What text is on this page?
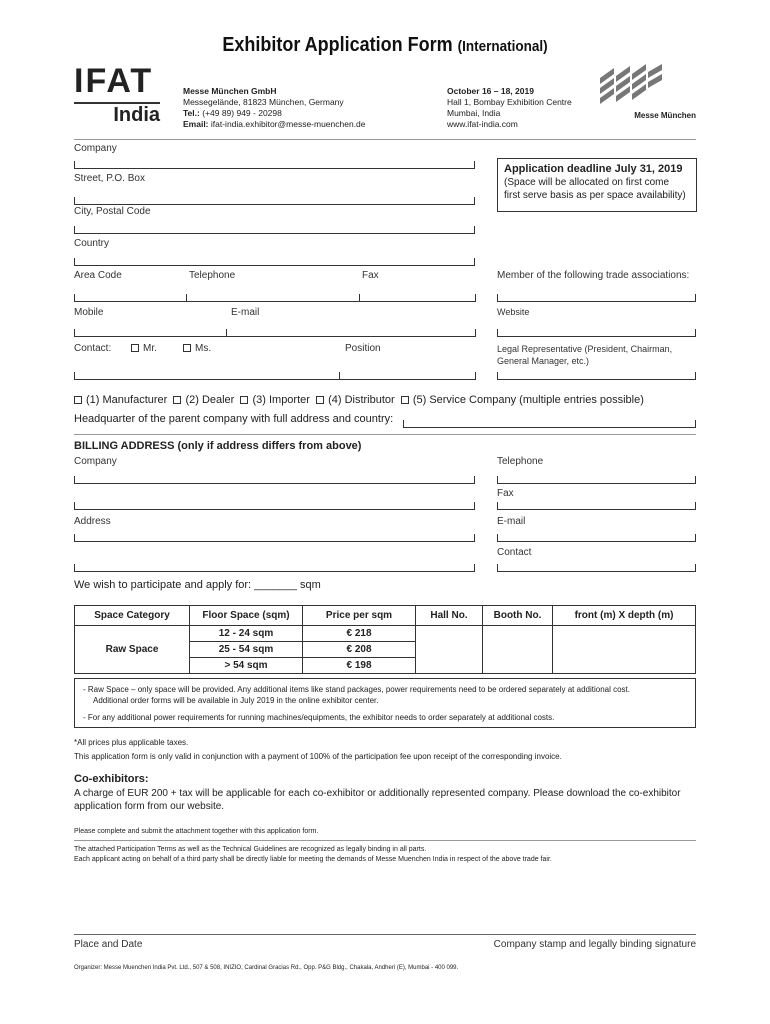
Exhibitor Application Form (International)
IFAT
India
Messe München GmbH
Messegelände, 81823 München, Germany
Tel.: (+49 89) 949 - 20298
Email: ifat-india.exhibitor@messe-muenchen.de
October 16 – 18, 2019
Hall 1, Bombay Exhibition Centre
Mumbai, India
www.ifat-india.com
Messe München
Company
Street, P.O. Box
City, Postal Code
Country
Application deadline July 31, 2019
(Space will be allocated on first come
first serve basis as per space availability)
Area Code	Telephone	Fax	Member of the following trade associations:
Mobile	E-mail	Website
Contact:	Mr.	Ms.	Position	Legal Representative (President, Chairman,
General Manager, etc.)
(1) Manufacturer (2) Dealer (3) Importer (4) Distributor (5) Service Company (multiple entries possible)
Headquarter of the parent company with full address and country:
BILLING ADDRESS (only if address differs from above)
Company	Telephone
Fax
Address	E-mail
Contact
We wish to participate and apply for: _______ sqm
Space Category	Floor Space (sqm)	Price per sqm	Hall No.	Booth No.	front (m) X depth (m)
Raw Space	12 - 24 sqm	€ 218			
	25 - 54 sqm	€ 208			
	> 54 sqm	€ 198			
- Raw Space – only space will be provided. Any additional items like stand packages, power requirements need to be ordered separately at additional cost.
Additional order forms will be available in July 2019 in the online exhibitor center.
- For any additional power requirements for running machines/equipments, the exhibitor needs to order separately at additional costs.
*All prices plus applicable taxes.
This application form is only valid in conjunction with a payment of 100% of the participation fee upon receipt of the corresponding invoice.
Co-exhibitors:
A charge of EUR 200 + tax will be applicable for each co-exhibitor or additionally represented company. Please download the co-exhibitor
application form from our website.
Please complete and submit the attachment together with this application form.
The attached Participation Terms as well as the Technical Guidelines are recognized as legally binding in all parts.
Each applicant acting on behalf of a third party shall be directly liable for meeting the demands of Messe Muenchen India in respect of the above trade fair.
Place and Date	Company stamp and legally binding signature
Organizer: Messe Muenchen India Pvt. Ltd., 507 & 508, INIZIO, Cardinal Gracias Rd., Opp. P&G Bldg., Chakala, Andheri (E), Mumbai - 400 099.
